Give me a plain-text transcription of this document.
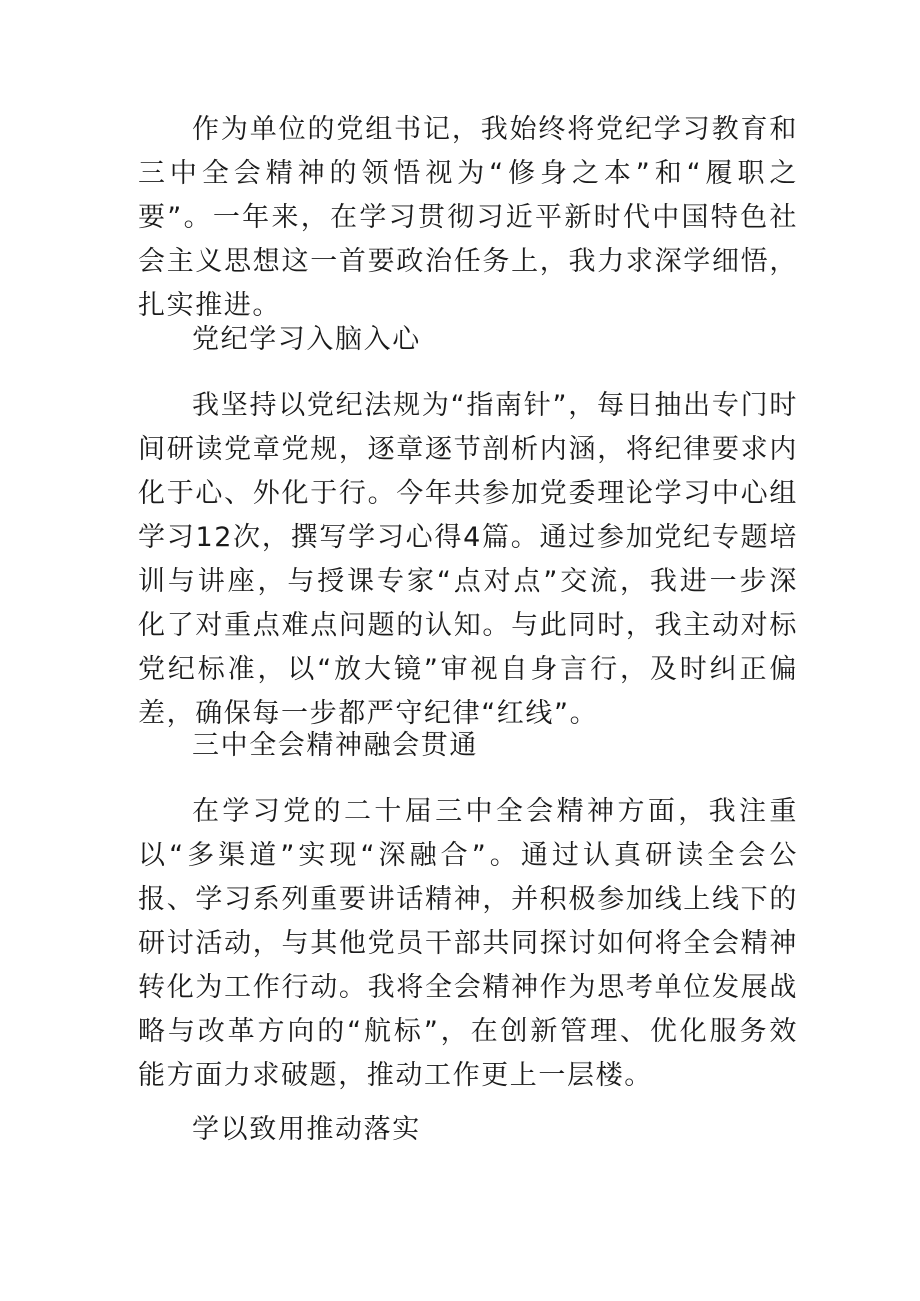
作为单位的党组书记，我始终将党纪学习教育和三中全会精神的领悟视为“修身之本”和“履职之要”。一年来，在学习贯彻习近平新时代中国特色社会主义思想这一首要政治任务上，我力求深学细悟，扎实推进。

党纪学习入脑入心

我坚持以党纪法规为“指南针”，每日抽出专门时间研读党章党规，逐章逐节剖析内涵，将纪律要求内化于心、外化于行。今年共参加党委理论学习中心组学习12次，撰写学习心得4篇。通过参加党纪专题培训与讲座，与授课专家“点对点”交流，我进一步深化了对重点难点问题的认知。与此同时，我主动对标党纪标准，以“放大镜”审视自身言行，及时纠正偏差，确保每一步都严守纪律“红线”。

三中全会精神融会贯通

在学习党的二十届三中全会精神方面，我注重以“多渠道”实现“深融合”。通过认真研读全会公报、学习系列重要讲话精神，并积极参加线上线下的研讨活动，与其他党员干部共同探讨如何将全会精神转化为工作行动。我将全会精神作为思考单位发展战略与改革方向的“航标”，在创新管理、优化服务效能方面力求破题，推动工作更上一层楼。

学以致用推动落实
